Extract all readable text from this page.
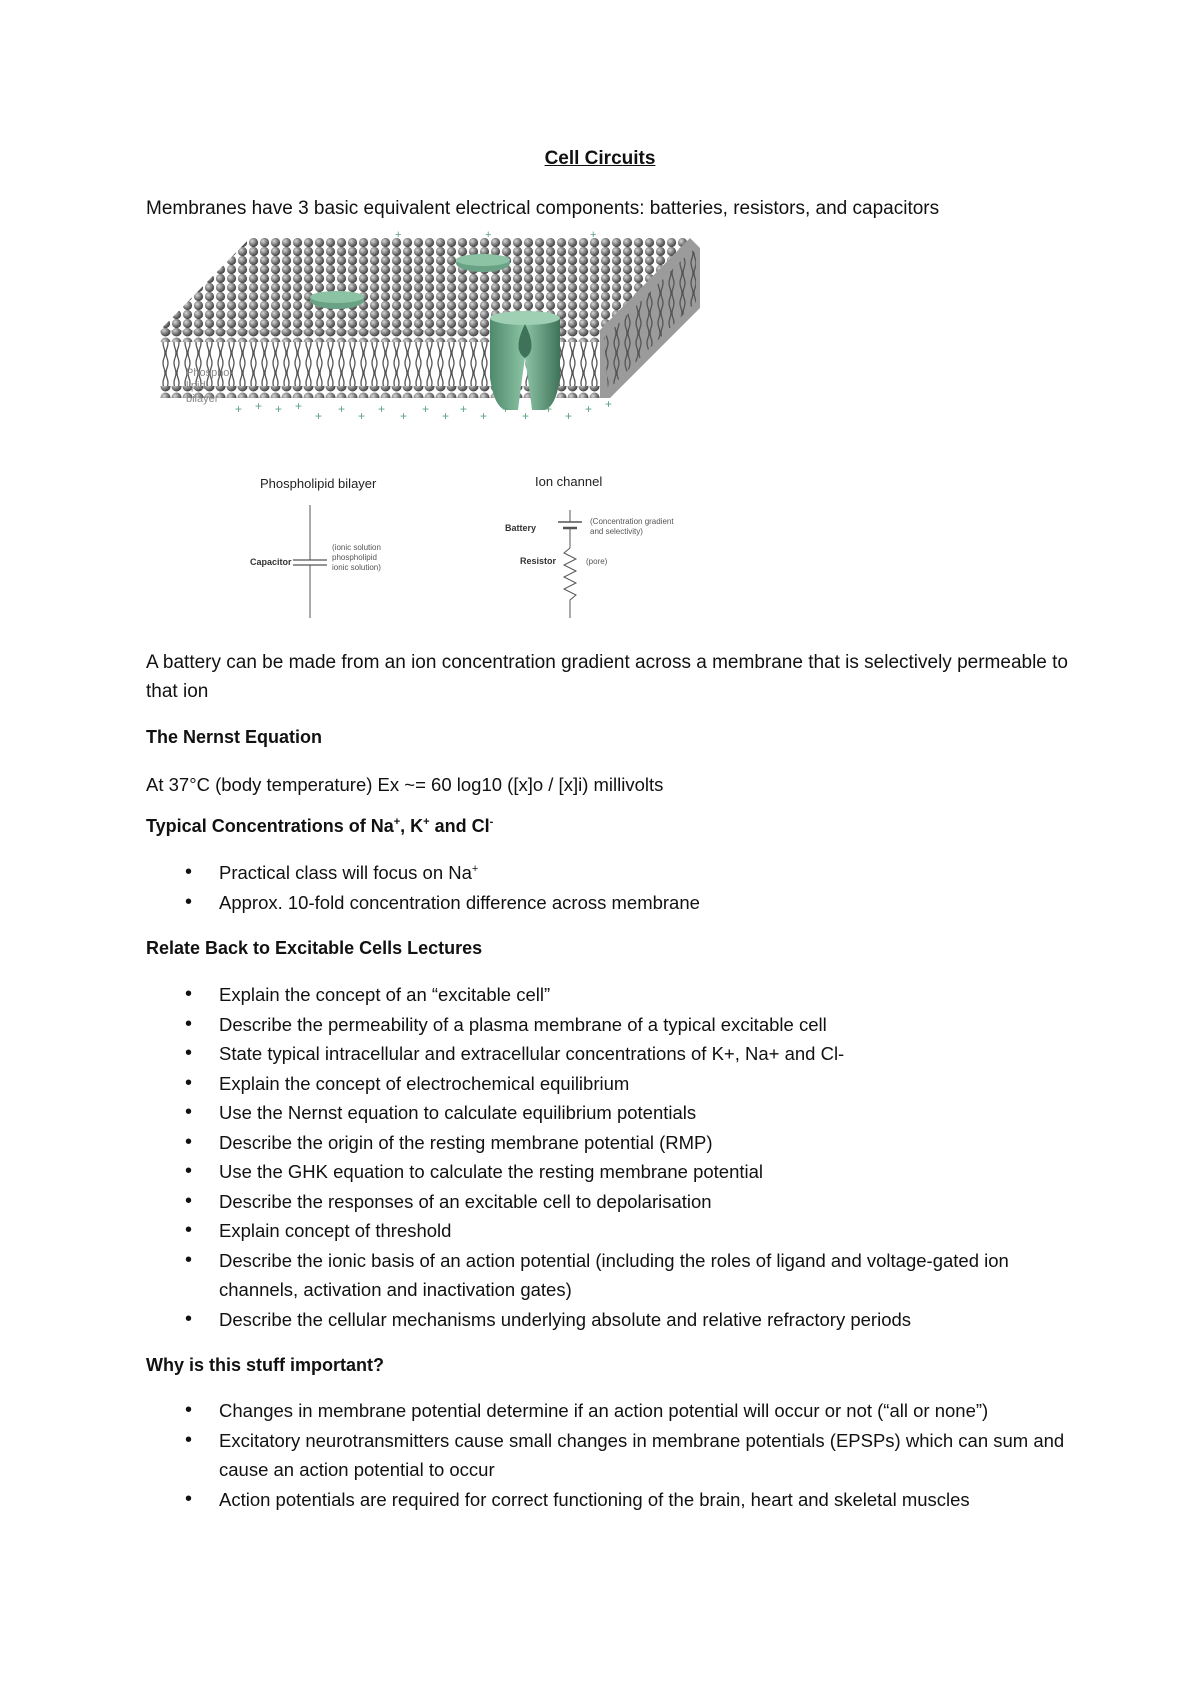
Cell Circuits
Membranes have 3 basic equivalent electrical components: batteries, resistors, and capacitors
+	+	+
+ + + +
+ + + + + + + + + + + + + + +
Phospho-
lipid
bilayer
Phospholipid bilayer	Ion channel
Capacitor
(ionic solution
phospholipid
ionic solution)
Battery
(Concentration gradient
and selectivity)
Resistor	(pore)
A battery can be made from an ion concentration gradient across a membrane that is selectively permeable to that ion
The Nernst Equation
At 37°C (body temperature) Ex ~= 60 log10 ([x]o / [x]i) millivolts
Typical Concentrations of Na+, K+ and Cl-
• Practical class will focus on Na+
• Approx. 10-fold concentration difference across membrane
Relate Back to Excitable Cells Lectures
• Explain the concept of an “excitable cell”
• Describe the permeability of a plasma membrane of a typical excitable cell
• State typical intracellular and extracellular concentrations of K+, Na+ and Cl-
• Explain the concept of electrochemical equilibrium
• Use the Nernst equation to calculate equilibrium potentials
• Describe the origin of the resting membrane potential (RMP)
• Use the GHK equation to calculate the resting membrane potential
• Describe the responses of an excitable cell to depolarisation
• Explain concept of threshold
• Describe the ionic basis of an action potential (including the roles of ligand and voltage-gated ion channels, activation and inactivation gates)
• Describe the cellular mechanisms underlying absolute and relative refractory periods
Why is this stuff important?
• Changes in membrane potential determine if an action potential will occur or not (“all or none”)
• Excitatory neurotransmitters cause small changes in membrane potentials (EPSPs) which can sum and cause an action potential to occur
• Action potentials are required for correct functioning of the brain, heart and skeletal muscles
